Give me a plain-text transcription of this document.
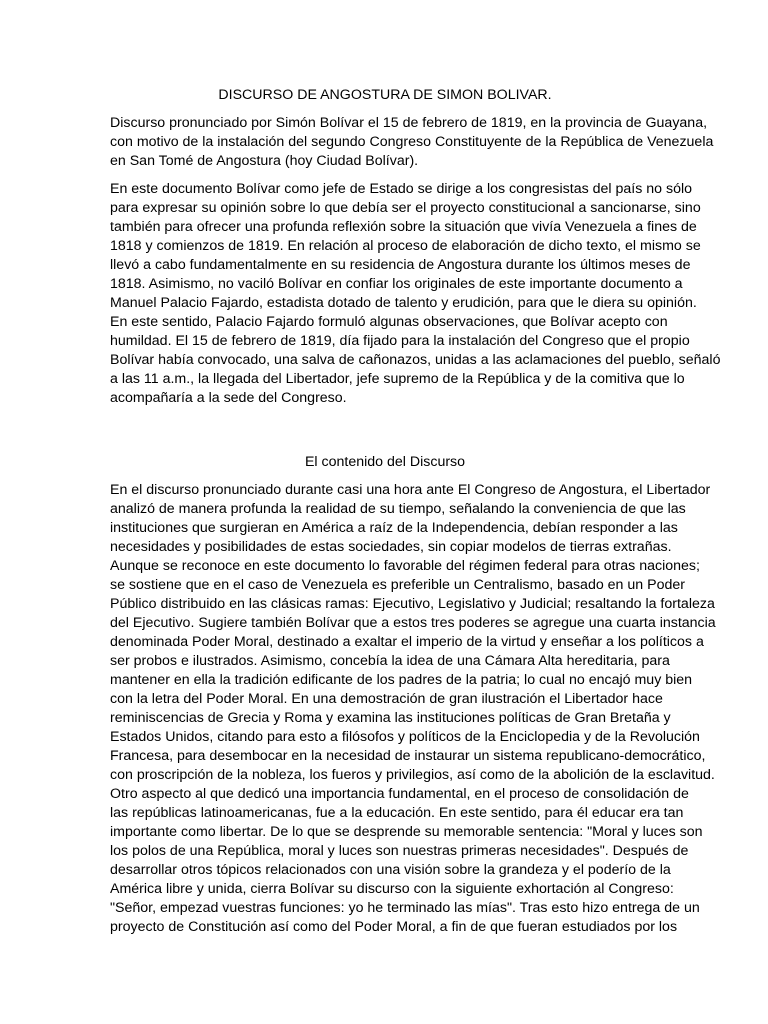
DISCURSO DE ANGOSTURA DE SIMON BOLIVAR.
Discurso pronunciado por Simón Bolívar el 15 de febrero de 1819, en la provincia de Guayana,
con motivo de la instalación del segundo Congreso Constituyente de la República de Venezuela
en San Tomé de Angostura (hoy Ciudad Bolívar).
En este documento Bolívar como jefe de Estado se dirige a los congresistas del país no sólo
para expresar su opinión sobre lo que debía ser el proyecto constitucional a sancionarse, sino
también para ofrecer una profunda reflexión sobre la situación que vivía Venezuela a fines de
1818 y comienzos de 1819. En relación al proceso de elaboración de dicho texto, el mismo se
llevó a cabo fundamentalmente en su residencia de Angostura durante los últimos meses de
1818. Asimismo, no vaciló Bolívar en confiar los originales de este importante documento a
Manuel Palacio Fajardo, estadista dotado de talento y erudición, para que le diera su opinión.
En este sentido, Palacio Fajardo formuló algunas observaciones, que Bolívar acepto con
humildad. El 15 de febrero de 1819, día fijado para la instalación del Congreso que el propio
Bolívar había convocado, una salva de cañonazos, unidas a las aclamaciones del pueblo, señaló
a las 11 a.m., la llegada del Libertador, jefe supremo de la República y de la comitiva que lo
acompañaría a la sede del Congreso.
El contenido del Discurso
En el discurso pronunciado durante casi una hora ante El Congreso de Angostura, el Libertador
analizó de manera profunda la realidad de su tiempo, señalando la conveniencia de que las
instituciones que surgieran en América a raíz de la Independencia, debían responder a las
necesidades y posibilidades de estas sociedades, sin copiar modelos de tierras extrañas.
Aunque se reconoce en este documento lo favorable del régimen federal para otras naciones;
se sostiene que en el caso de Venezuela es preferible un Centralismo, basado en un Poder
Público distribuido en las clásicas ramas: Ejecutivo, Legislativo y Judicial; resaltando la fortaleza
del Ejecutivo. Sugiere también Bolívar que a estos tres poderes se agregue una cuarta instancia
denominada Poder Moral, destinado a exaltar el imperio de la virtud y enseñar a los políticos a
ser probos e ilustrados. Asimismo, concebía la idea de una Cámara Alta hereditaria, para
mantener en ella la tradición edificante de los padres de la patria; lo cual no encajó muy bien
con la letra del Poder Moral. En una demostración de gran ilustración el Libertador hace
reminiscencias de Grecia y Roma y examina las instituciones políticas de Gran Bretaña y
Estados Unidos, citando para esto a filósofos y políticos de la Enciclopedia y de la Revolución
Francesa, para desembocar en la necesidad de instaurar un sistema republicano-democrático,
con proscripción de la nobleza, los fueros y privilegios, así como de la abolición de la esclavitud.
Otro aspecto al que dedicó una importancia fundamental, en el proceso de consolidación de
las repúblicas latinoamericanas, fue a la educación. En este sentido, para él educar era tan
importante como libertar. De lo que se desprende su memorable sentencia: "Moral y luces son
los polos de una República, moral y luces son nuestras primeras necesidades". Después de
desarrollar otros tópicos relacionados con una visión sobre la grandeza y el poderío de la
América libre y unida, cierra Bolívar su discurso con la siguiente exhortación al Congreso:
"Señor, empezad vuestras funciones: yo he terminado las mías". Tras esto hizo entrega de un
proyecto de Constitución así como del Poder Moral, a fin de que fueran estudiados por los
